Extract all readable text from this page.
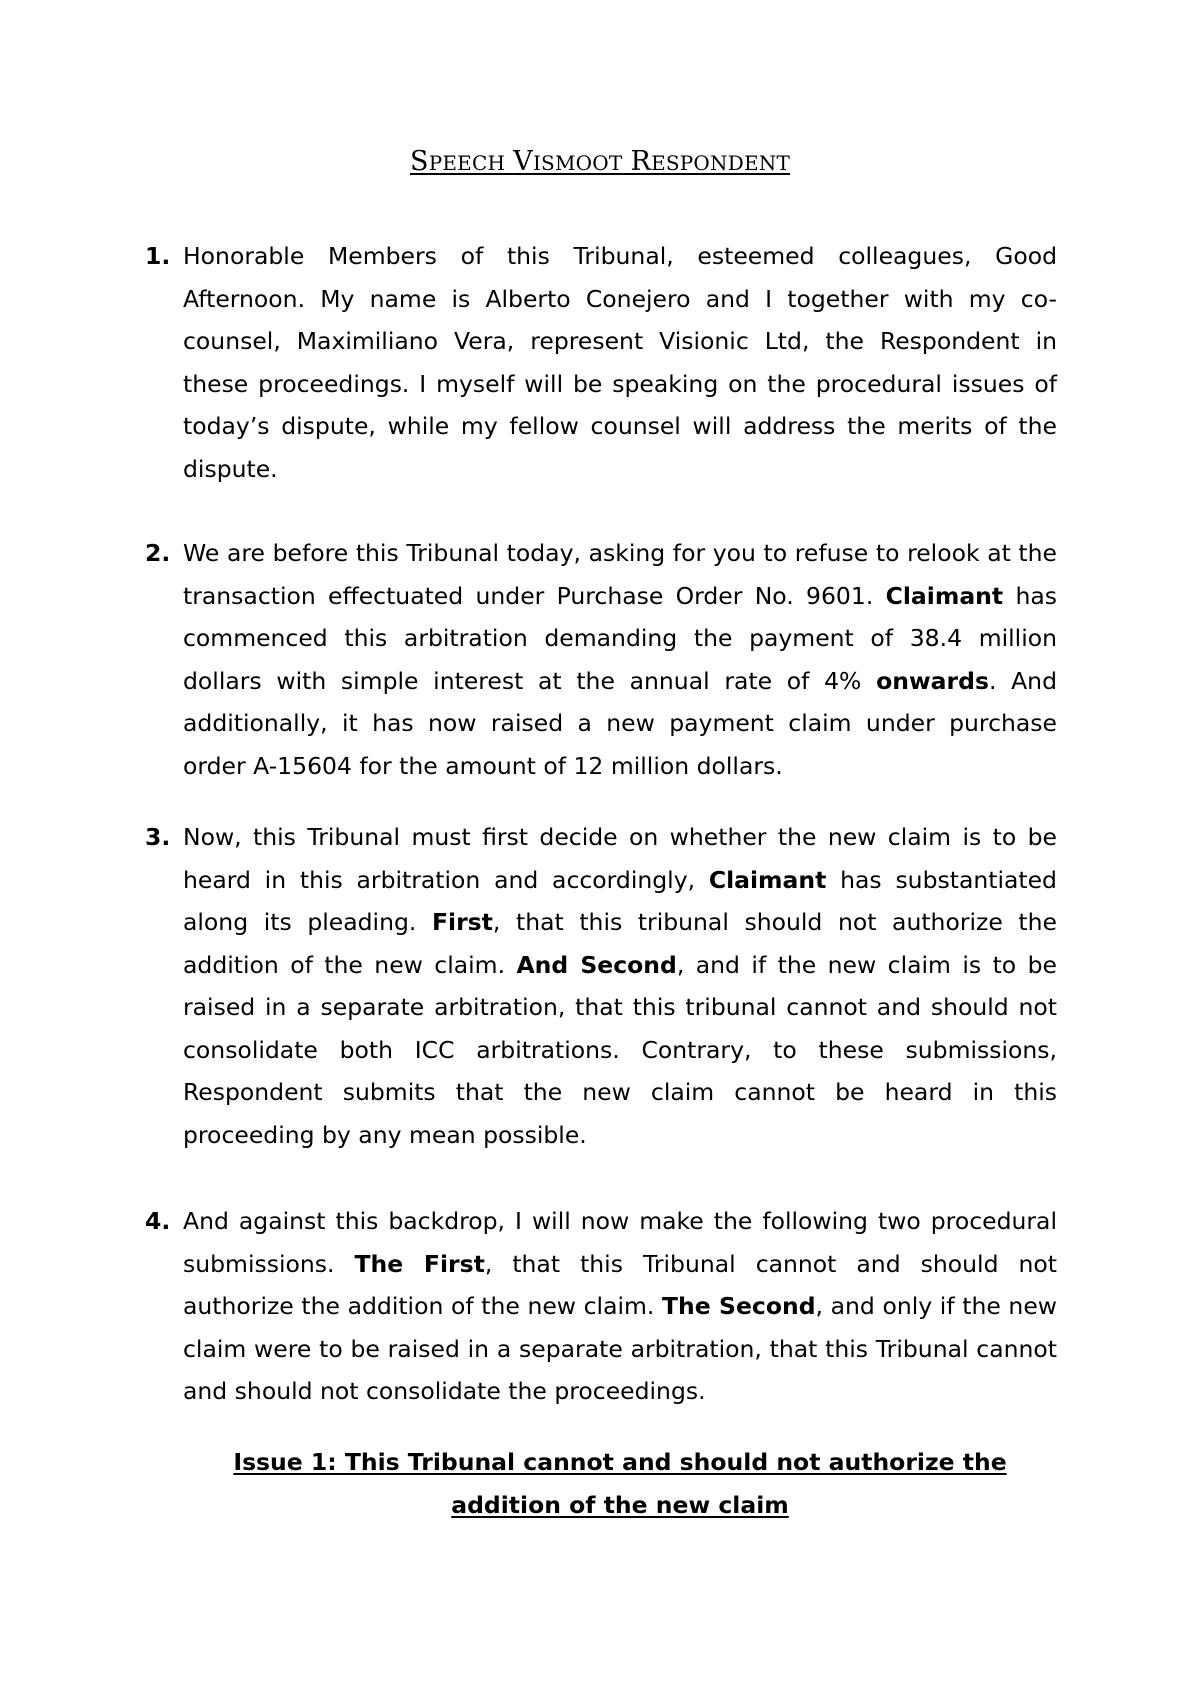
SPEECH VISMOOT RESPONDENT

1. Honorable Members of this Tribunal, esteemed colleagues, Good Afternoon. My name is Alberto Conejero and I together with my co-counsel, Maximiliano Vera, represent Visionic Ltd, the Respondent in these proceedings. I myself will be speaking on the procedural issues of today’s dispute, while my fellow counsel will address the merits of the dispute.

2. We are before this Tribunal today, asking for you to refuse to relook at the transaction effectuated under Purchase Order No. 9601. Claimant has commenced this arbitration demanding the payment of 38.4 million dollars with simple interest at the annual rate of 4% onwards. And additionally, it has now raised a new payment claim under purchase order A-15604 for the amount of 12 million dollars.

3. Now, this Tribunal must first decide on whether the new claim is to be heard in this arbitration and accordingly, Claimant has substantiated along its pleading. First, that this tribunal should not authorize the addition of the new claim. And Second, and if the new claim is to be raised in a separate arbitration, that this tribunal cannot and should not consolidate both ICC arbitrations. Contrary, to these submissions, Respondent submits that the new claim cannot be heard in this proceeding by any mean possible.

4. And against this backdrop, I will now make the following two procedural submissions. The First, that this Tribunal cannot and should not authorize the addition of the new claim. The Second, and only if the new claim were to be raised in a separate arbitration, that this Tribunal cannot and should not consolidate the proceedings.

Issue 1: This Tribunal cannot and should not authorize the addition of the new claim
